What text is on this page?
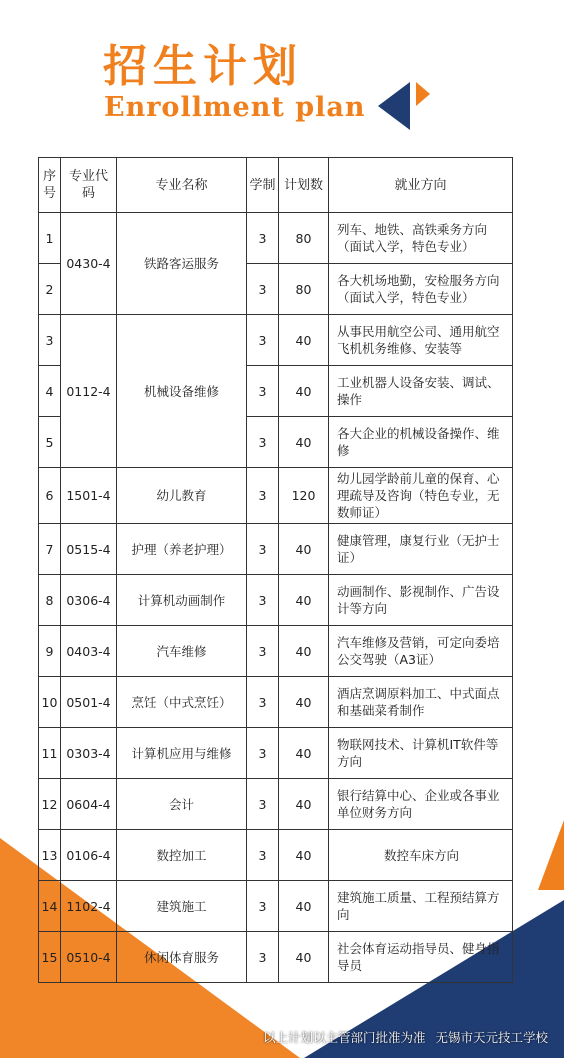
招生计划
Enrollment plan
序号	专业代码	专业名称	学制	计划数	就业方向
1	0430-4	铁路客运服务	3	80	列车、地铁、高铁乘务方向（面试入学，特色专业）
2			3	80	各大机场地勤，安检服务方向（面试入学，特色专业）
3	0112-4	机械设备维修	3	40	从事民用航空公司、通用航空飞机机务维修、安装等
4			3	40	工业机器人设备安装、调试、操作
5			3	40	各大企业的机械设备操作、维修
6	1501-4	幼儿教育	3	120	幼儿园学龄前儿童的保育、心理疏导及咨询（特色专业，无数师证）
7	0515-4	护理（养老护理）	3	40	健康管理，康复行业（无护士证）
8	0306-4	计算机动画制作	3	40	动画制作、影视制作、广告设计等方向
9	0403-4	汽车维修	3	40	汽车维修及营销，可定向委培公交驾驶（A3证）
10	0501-4	烹饪（中式烹饪）	3	40	酒店烹调原料加工、中式面点和基础菜肴制作
11	0303-4	计算机应用与维修	3	40	物联网技术、计算机IT软件等方向
12	0604-4	会计	3	40	银行结算中心、企业或各事业单位财务方向
13	0106-4	数控加工	3	40	数控车床方向
14	1102-4	建筑施工	3	40	建筑施工质量、工程预结算方向
15	0510-4	休闲体育服务	3	40	社会体育运动指导员、健身指导员
以上计划以主管部门批准为准 无锡市天元技工学校
